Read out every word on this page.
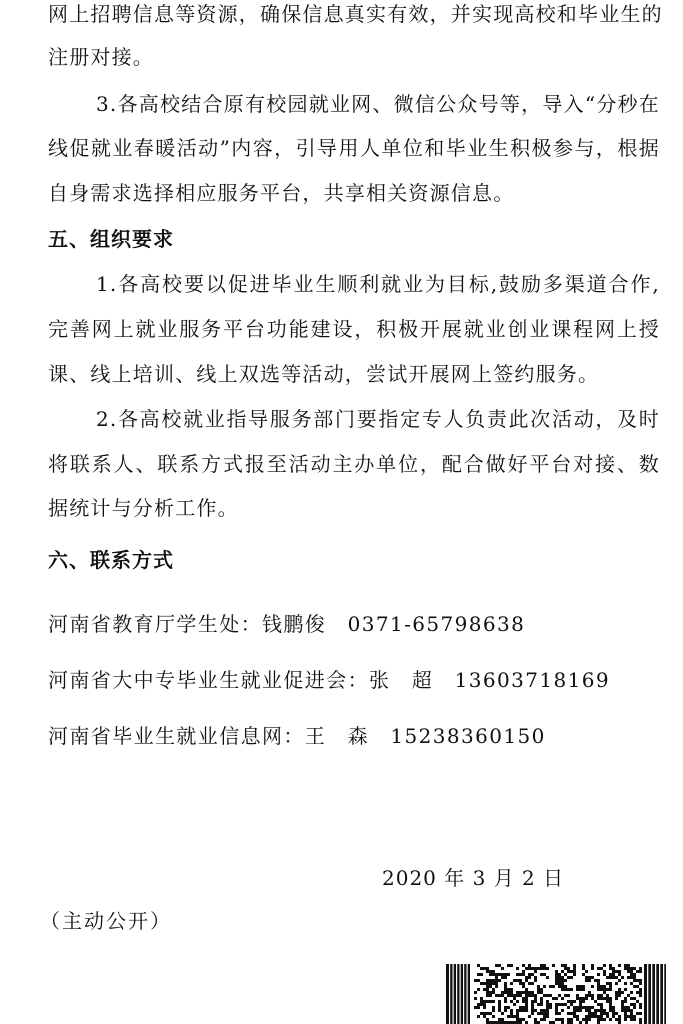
网上招聘信息等资源，确保信息真实有效，并实现高校和毕业生的
注册对接。
3.各高校结合原有校园就业网、微信公众号等，导入“分秒在
线促就业春暖活动”内容，引导用人单位和毕业生积极参与，根据
自身需求选择相应服务平台，共享相关资源信息。
五、组织要求
1.各高校要以促进毕业生顺利就业为目标,鼓励多渠道合作,
完善网上就业服务平台功能建设，积极开展就业创业课程网上授
课、线上培训、线上双选等活动，尝试开展网上签约服务。
2.各高校就业指导服务部门要指定专人负责此次活动，及时
将联系人、联系方式报至活动主办单位，配合做好平台对接、数
据统计与分析工作。
六、联系方式
河南省教育厅学生处：钱鹏俊　0371-65798638
河南省大中专毕业生就业促进会：张　超　13603718169
河南省毕业生就业信息网：王　森　15238360150
2020 年 3 月 2 日
（主动公开）
